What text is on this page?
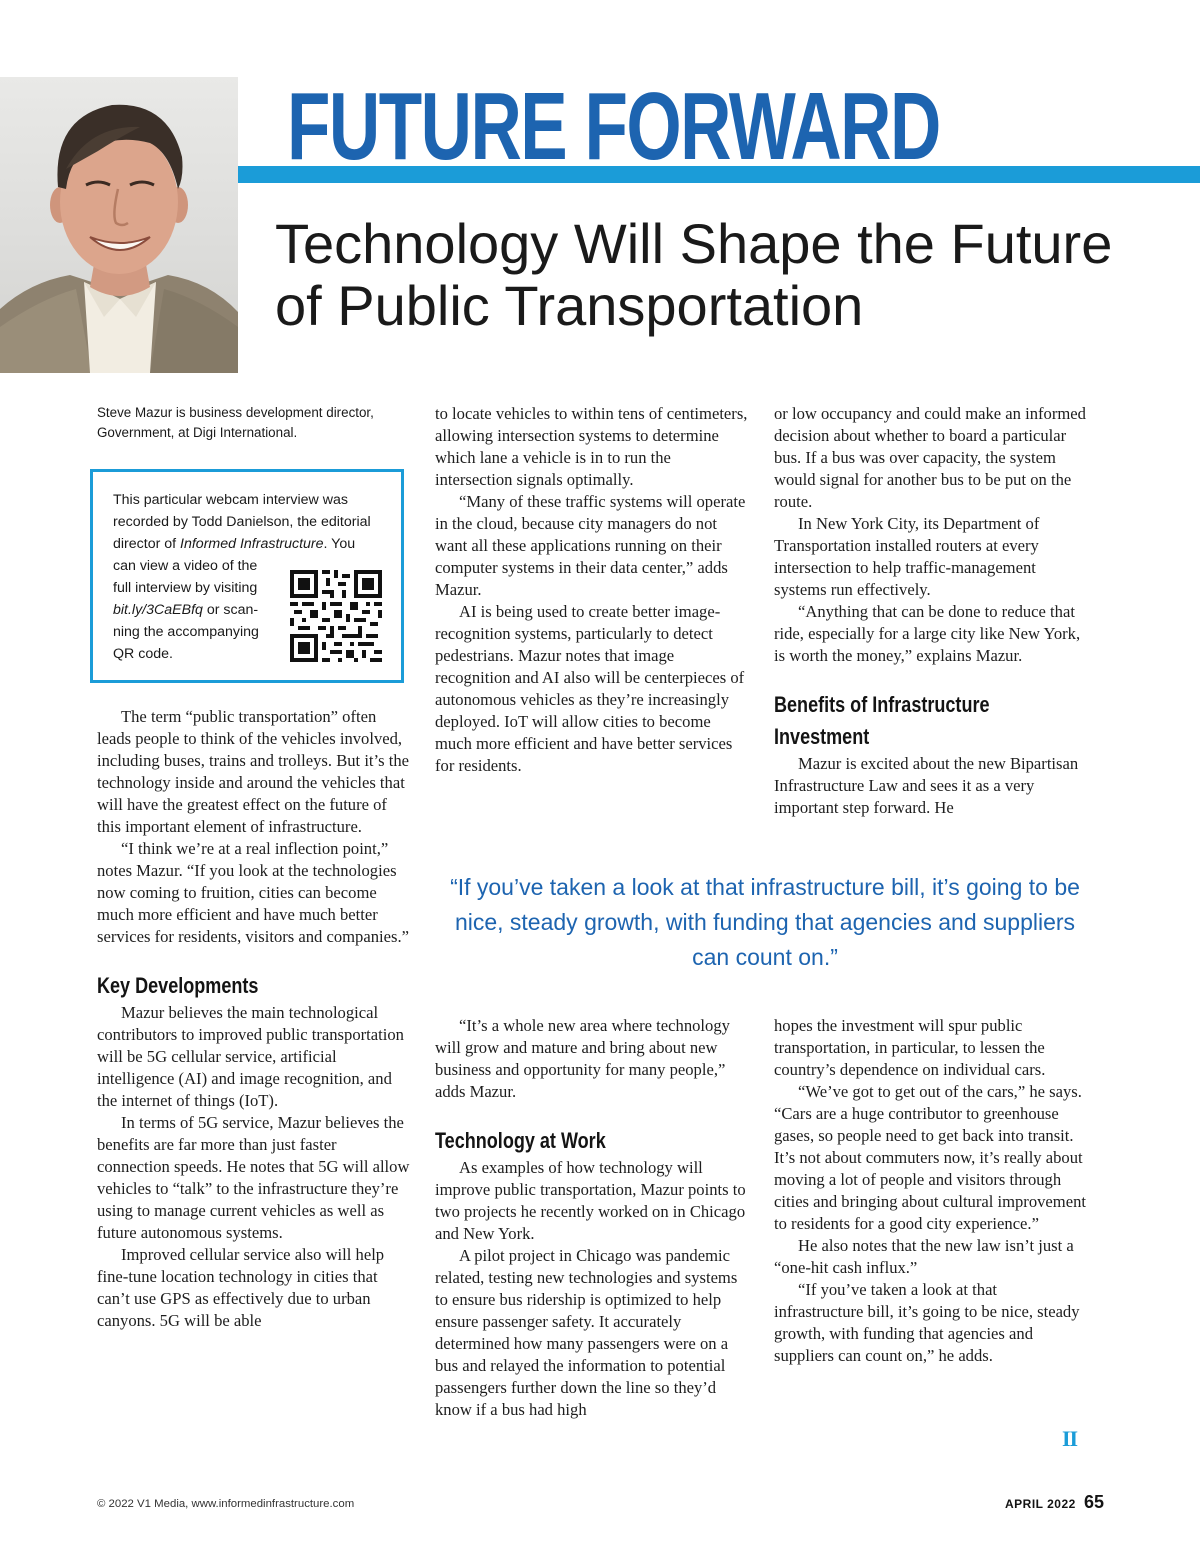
FUTURE FORWARD
Technology Will Shape the Future
of Public Transportation
Steve Mazur is business development director, Government, at Digi International.
This particular webcam interview was
recorded by Todd Danielson, the editorial
director of Informed Infrastructure. You
can view a video of the
full interview by visiting
bit.ly/3CaEBfq or scan-
ning the accompanying
QR code.

The term “public transportation” often leads people to think of the vehicles involved, including buses, trains and trolleys. But it’s the technology inside and around the vehicles that will have the greatest effect on the future of this important element of infrastructure.

“I think we’re at a real inflection point,” notes Mazur. “If you look at the technologies now coming to fruition, cities can become much more efficient and have much better services for residents, visitors and companies.”

Key Developments

Mazur believes the main technological contributors to improved public transportation will be 5G cellular service, artificial intelligence (AI) and image recognition, and the internet of things (IoT).

In terms of 5G service, Mazur believes the benefits are far more than just faster connection speeds. He notes that 5G will allow vehicles to “talk” to the infrastructure they’re using to manage current vehicles as well as future autonomous systems.

Improved cellular service also will help fine-tune location technology in cities that can’t use GPS as effectively due to urban canyons. 5G will be able

to locate vehicles to within tens of centimeters, allowing intersection systems to determine which lane a vehicle is in to run the intersection signals optimally.

“Many of these traffic systems will operate in the cloud, because city managers do not want all these applications running on their computer systems in their data center,” adds Mazur.

AI is being used to create better image-recognition systems, particularly to detect pedestrians. Mazur notes that image recognition and AI also will be centerpieces of autonomous vehicles as they’re increasingly deployed. IoT will allow cities to become much more efficient and have better services for residents.

or low occupancy and could make an informed decision about whether to board a particular bus. If a bus was over capacity, the system would signal for another bus to be put on the route.

In New York City, its Department of Transportation installed routers at every intersection to help traffic-management systems run effectively.

“Anything that can be done to reduce that ride, especially for a large city like New York, is worth the money,” explains Mazur.

Benefits of Infrastructure Investment

Mazur is excited about the new Bipartisan Infrastructure Law and sees it as a very important step forward. He

“If you’ve taken a look at that infrastructure bill, it’s going to be nice, steady growth, with funding that agencies and suppliers can count on.”

“It’s a whole new area where technology will grow and mature and bring about new business and opportunity for many people,” adds Mazur.

Technology at Work

As examples of how technology will improve public transportation, Mazur points to two projects he recently worked on in Chicago and New York.

A pilot project in Chicago was pandemic related, testing new technologies and systems to ensure bus ridership is optimized to help ensure passenger safety. It accurately determined how many passengers were on a bus and relayed the information to potential passengers further down the line so they’d know if a bus had high

hopes the investment will spur public transportation, in particular, to lessen the country’s dependence on individual cars.

“We’ve got to get out of the cars,” he says. “Cars are a huge contributor to greenhouse gases, so people need to get back into transit. It’s not about commuters now, it’s really about moving a lot of people and visitors through cities and bringing about cultural improvement to residents for a good city experience.”

He also notes that the new law isn’t just a “one-hit cash influx.”

“If you’ve taken a look at that infrastructure bill, it’s going to be nice, steady growth, with funding that agencies and suppliers can count on,” he adds.

II
© 2022 V1 Media, www.informedinfrastructure.com	APRIL 2022 65
